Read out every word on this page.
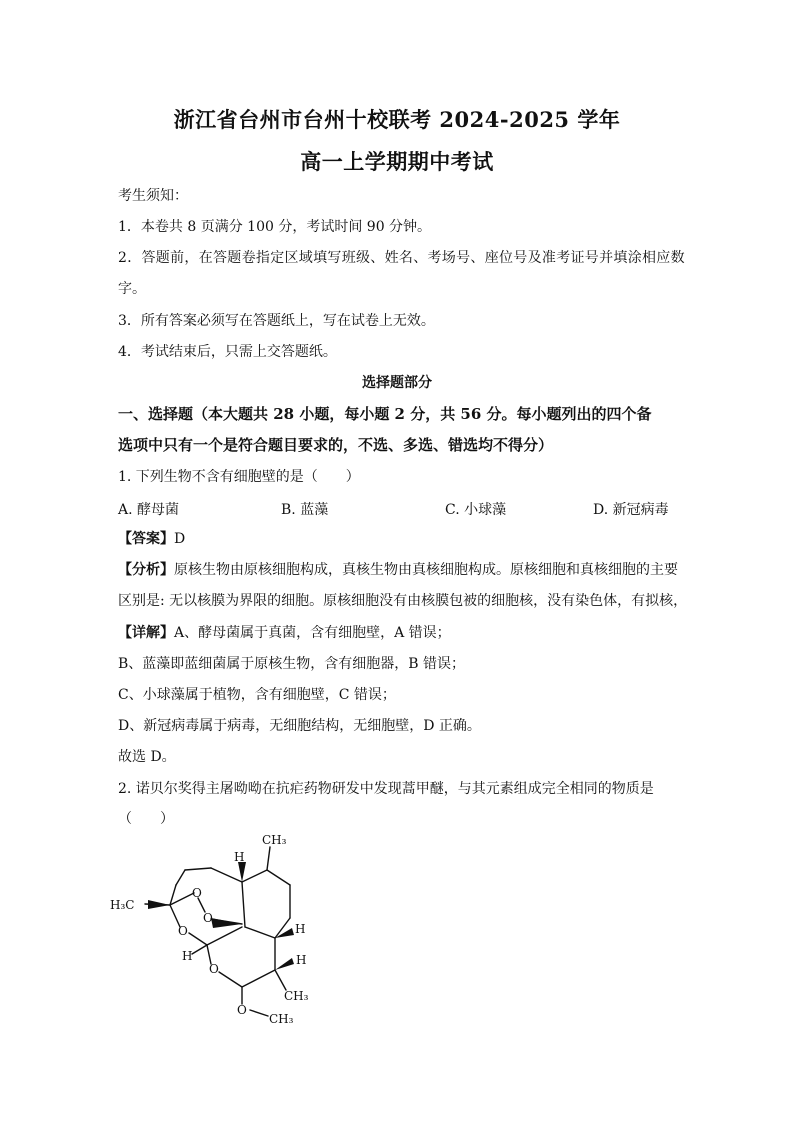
浙江省台州市台州十校联考 2024-2025 学年
高一上学期期中考试
考生须知：
1．本卷共 8 页满分 100 分，考试时间 90 分钟。
2．答题前，在答题卷指定区域填写班级、姓名、考场号、座位号及准考证号并填涂相应数
字。
3．所有答案必须写在答题纸上，写在试卷上无效。
4．考试结束后，只需上交答题纸。
选择题部分
一、选择题（本大题共 28 小题，每小题 2 分，共 56 分。每小题列出的四个备
选项中只有一个是符合题目要求的，不选、多选、错选均不得分）
1. 下列生物不含有细胞壁的是（　　）
A. 酵母菌	B. 蓝藻	C. 小球藻	D. 新冠病毒
【答案】D
【分析】原核生物由原核细胞构成，真核生物由真核细胞构成。原核细胞和真核细胞的主要
区别是: 无以核膜为界限的细胞。原核细胞没有由核膜包被的细胞核，没有染色体，有拟核，
【详解】A、酵母菌属于真菌，含有细胞壁，A 错误；
B、蓝藻即蓝细菌属于原核生物，含有细胞器，B 错误；
C、小球藻属于植物，含有细胞壁，C 错误；
D、新冠病毒属于病毒，无细胞结构，无细胞壁，D 正确。
故选 D。
2. 诺贝尔奖得主屠呦呦在抗疟药物研发中发现蒿甲醚，与其元素组成完全相同的物质是
（　　）
CH₃
H
H₃C
O
O
O
H
O
H
H
CH₃
O
CH₃
